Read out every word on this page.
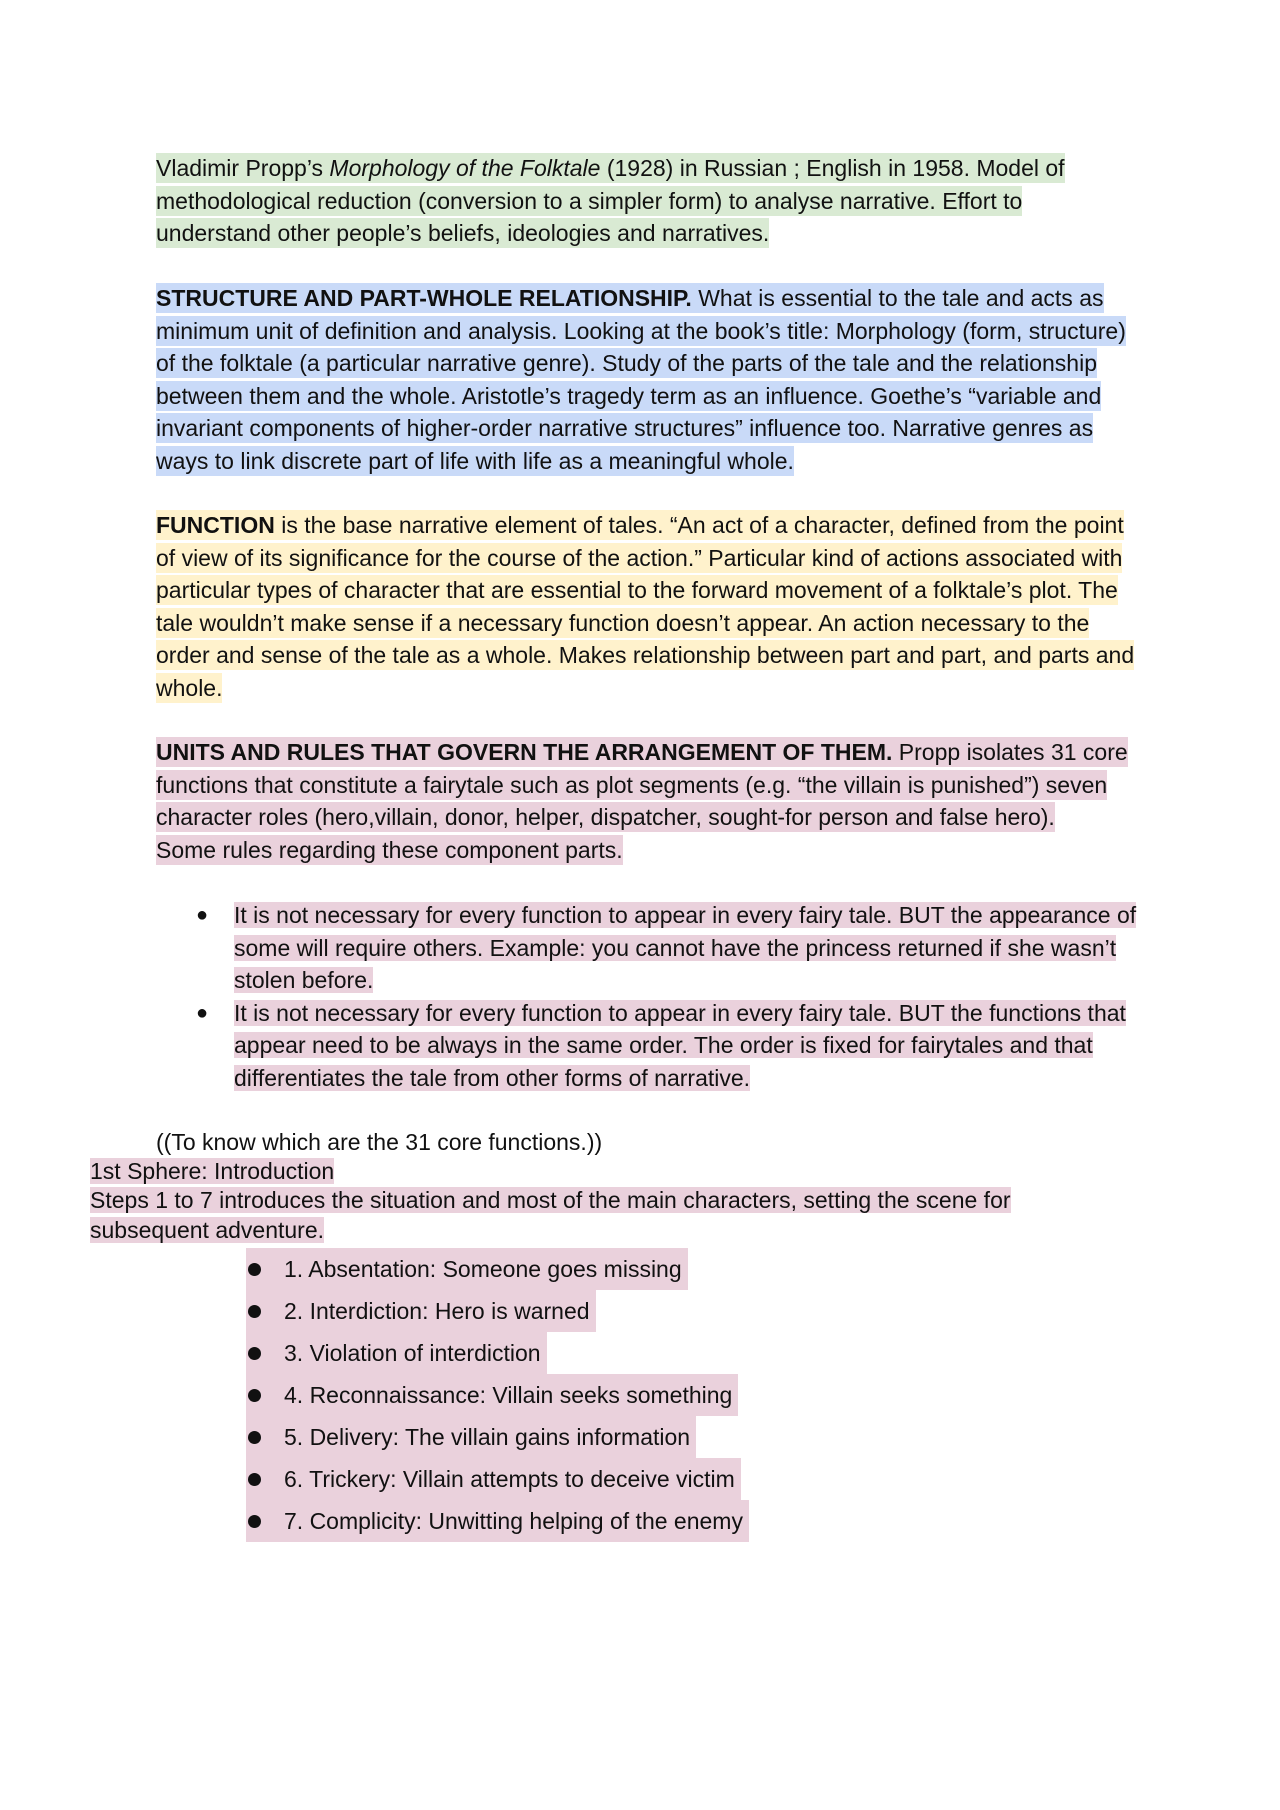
Vladimir Propp’s Morphology of the Folktale (1928) in Russian ; English in 1958. Model of methodological reduction (conversion to a simpler form) to analyse narrative. Effort to understand other people’s beliefs, ideologies and narratives.

STRUCTURE AND PART-WHOLE RELATIONSHIP. What is essential to the tale and acts as minimum unit of definition and analysis. Looking at the book’s title: Morphology (form, structure) of the folktale (a particular narrative genre). Study of the parts of the tale and the relationship between them and the whole. Aristotle’s tragedy term as an influence. Goethe’s “variable and invariant components of higher-order narrative structures” influence too. Narrative genres as ways to link discrete part of life with life as a meaningful whole.

FUNCTION is the base narrative element of tales. “An act of a character, defined from the point of view of its significance for the course of the action.” Particular kind of actions associated with particular types of character that are essential to the forward movement of a folktale’s plot. The tale wouldn’t make sense if a necessary function doesn’t appear. An action necessary to the order and sense of the tale as a whole. Makes relationship between part and part, and parts and whole.

UNITS AND RULES THAT GOVERN THE ARRANGEMENT OF THEM. Propp isolates 31 core functions that constitute a fairytale such as plot segments (e.g. “the villain is punished”) seven character roles (hero,villain, donor, helper, dispatcher, sought-for person and false hero).
Some rules regarding these component parts.

● It is not necessary for every function to appear in every fairy tale. BUT the appearance of some will require others. Example: you cannot have the princess returned if she wasn’t stolen before.
● It is not necessary for every function to appear in every fairy tale. BUT the functions that appear need to be always in the same order. The order is fixed for fairytales and that differentiates the tale from other forms of narrative.

((To know which are the 31 core functions.))

1st Sphere: Introduction

Steps 1 to 7 introduces the situation and most of the main characters, setting the scene for subsequent adventure.

1. Absentation: Someone goes missing
2. Interdiction: Hero is warned
3. Violation of interdiction
4. Reconnaissance: Villain seeks something
5. Delivery: The villain gains information
6. Trickery: Villain attempts to deceive victim
7. Complicity: Unwitting helping of the enemy
